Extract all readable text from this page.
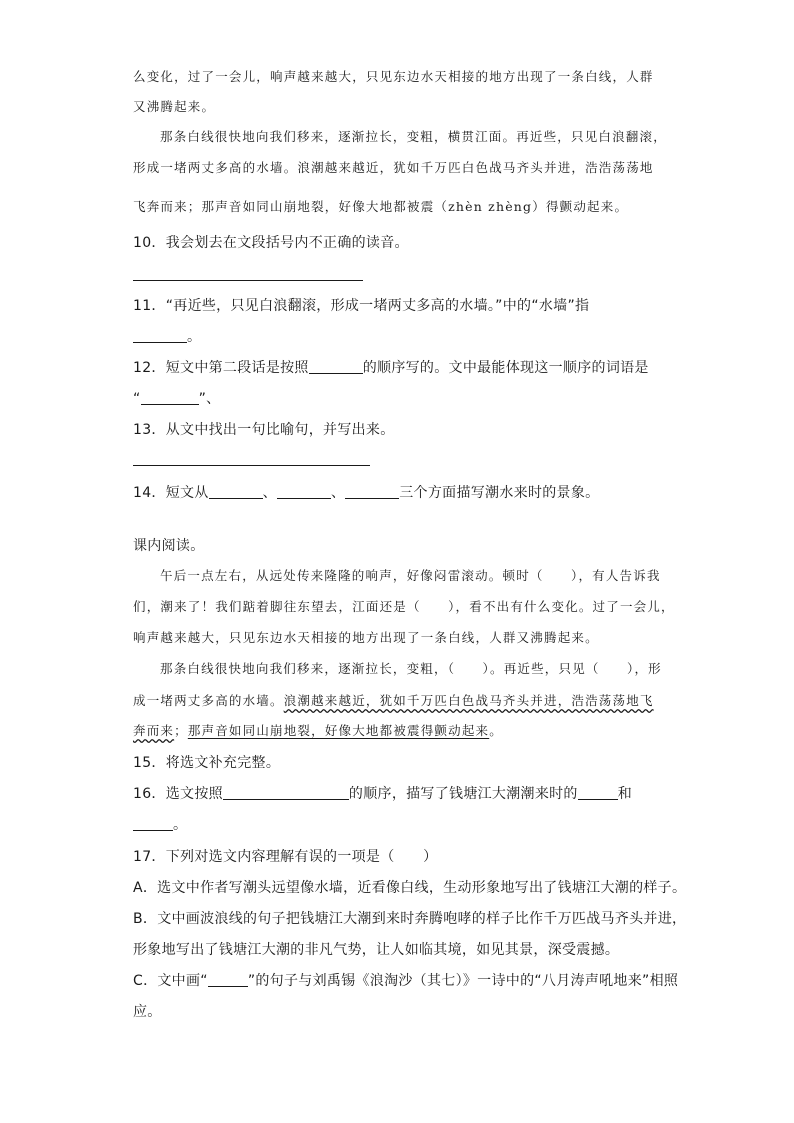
么变化，过了一会儿，响声越来越大，只见东边水天相接的地方出现了一条白线，人群
又沸腾起来。
那条白线很快地向我们移来，逐渐拉长，变粗，横贯江面。再近些，只见白浪翻滚，
形成一堵两丈多高的水墙。浪潮越来越近，犹如千万匹白色战马齐头并进，浩浩荡荡地
飞奔而来；那声音如同山崩地裂，好像大地都被震（zhèn zhèng）得颤动起来。
10．我会划去在文段括号内不正确的读音。
11．“再近些，只见白浪翻滚，形成一堵两丈多高的水墙。”中的“水墙”指
。
12．短文中第二段话是按照	的顺序写的。文中最能体现这一顺序的词语是
“	”、
13．从文中找出一句比喻句，并写出来。
14．短文从	、	、	三个方面描写潮水来时的景象。
课内阅读。
午后一点左右，从远处传来隆隆的响声，好像闷雷滚动。顿时（　　），有人告诉我
们，潮来了！我们踮着脚往东望去，江面还是（　　），看不出有什么变化。过了一会儿，
响声越来越大，只见东边水天相接的地方出现了一条白线，人群又沸腾起来。
那条白线很快地向我们移来，逐渐拉长，变粗，（　　）。再近些，只见（　　），形
成一堵两丈多高的水墙。浪潮越来越近，犹如千万匹白色战马齐头并进，浩浩荡荡地飞
奔而来；那声音如同山崩地裂，好像大地都被震得颤动起来。
15．将选文补充完整。
16．选文按照	的顺序，描写了钱塘江大潮潮来时的	和
。
17．下列对选文内容理解有误的一项是（　　）
A．选文中作者写潮头远望像水墙，近看像白线，生动形象地写出了钱塘江大潮的样子。
B．文中画波浪线的句子把钱塘江大潮到来时奔腾咆哮的样子比作千万匹战马齐头并进，
形象地写出了钱塘江大潮的非凡气势，让人如临其境，如见其景，深受震撼。
C．文中画“	”的句子与刘禹锡《浪淘沙（其七）》一诗中的“八月涛声吼地来”相照
应。
